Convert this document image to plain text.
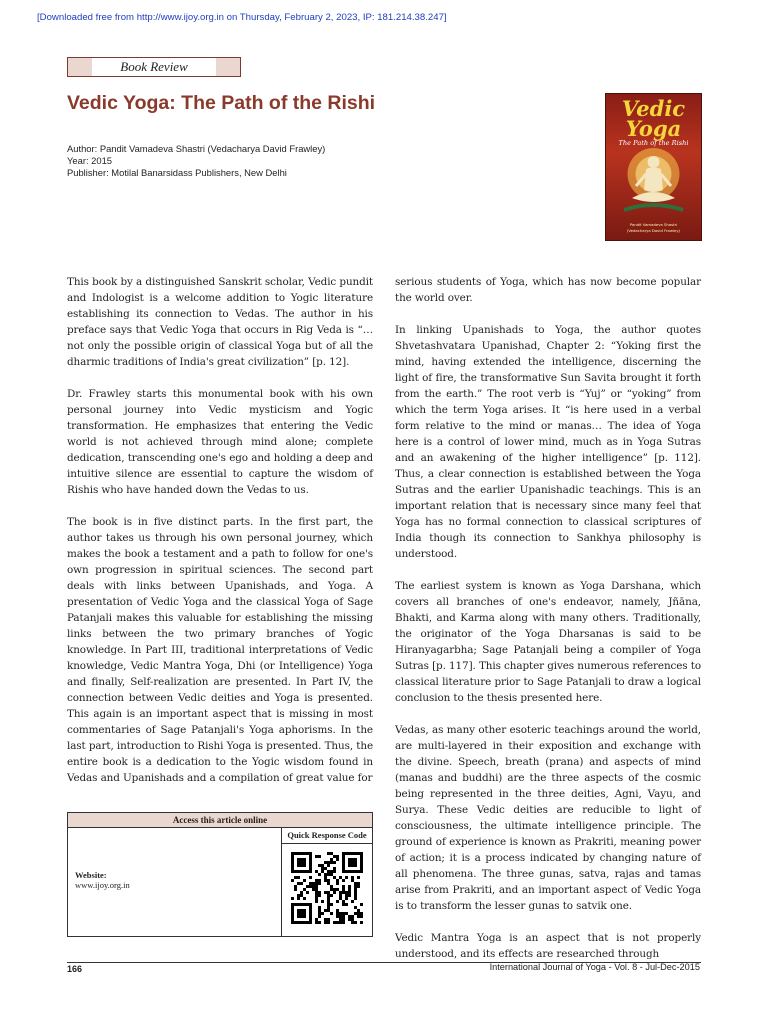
[Downloaded free from http://www.ijoy.org.in on Thursday, February 2, 2023, IP: 181.214.38.247]
Book Review
Vedic Yoga: The Path of the Rishi
Author: Pandit Vamadeva Shastri (Vedacharya David Frawley)
Year: 2015
Publisher: Motilal Banarsidass Publishers, New Delhi
Vedic
Yoga
The Path of the Rishi
Pandit Vamadeva Shastri
(Vedacharya David Frawley)

This book by a distinguished Sanskrit scholar, Vedic pundit and Indologist is a welcome addition to Yogic literature establishing its connection to Vedas. The author in his preface says that Vedic Yoga that occurs in Rig Veda is “…not only the possible origin of classical Yoga but of all the dharmic traditions of India's great civilization” [p. 12].

Dr. Frawley starts this monumental book with his own personal journey into Vedic mysticism and Yogic transformation. He emphasizes that entering the Vedic world is not achieved through mind alone; complete dedication, transcending one's ego and holding a deep and intuitive silence are essential to capture the wisdom of Rishis who have handed down the Vedas to us.

The book is in five distinct parts. In the first part, the author takes us through his own personal journey, which makes the book a testament and a path to follow for one's own progression in spiritual sciences. The second part deals with links between Upanishads, and Yoga. A presentation of Vedic Yoga and the classical Yoga of Sage Patanjali makes this valuable for establishing the missing links between the two primary branches of Yogic knowledge. In Part III, traditional interpretations of Vedic knowledge, Vedic Mantra Yoga, Dhi (or Intelligence) Yoga and finally, Self-realization are presented. In Part IV, the connection between Vedic deities and Yoga is presented. This again is an important aspect that is missing in most commentaries of Sage Patanjali's Yoga aphorisms. In the last part, introduction to Rishi Yoga is presented. Thus, the entire book is a dedication to the Yogic wisdom found in Vedas and Upanishads and a compilation of great value for

serious students of Yoga, which has now become popular the world over.

In linking Upanishads to Yoga, the author quotes Shvetashvatara Upanishad, Chapter 2: “Yoking first the mind, having extended the intelligence, discerning the light of fire, the transformative Sun Savita brought it forth from the earth.” The root verb is “Yuj” or “yoking” from which the term Yoga arises. It “is here used in a verbal form relative to the mind or manas… The idea of Yoga here is a control of lower mind, much as in Yoga Sutras and an awakening of the higher intelligence” [p. 112]. Thus, a clear connection is established between the Yoga Sutras and the earlier Upanishadic teachings. This is an important relation that is necessary since many feel that Yoga has no formal connection to classical scriptures of India though its connection to Sankhya philosophy is understood.

The earliest system is known as Yoga Darshana, which covers all branches of one's endeavor, namely, Jñāna, Bhakti, and Karma along with many others. Traditionally, the originator of the Yoga Dharsanas is said to be Hiranyagarbha; Sage Patanjali being a compiler of Yoga Sutras [p. 117]. This chapter gives numerous references to classical literature prior to Sage Patanjali to draw a logical conclusion to the thesis presented here.

Vedas, as many other esoteric teachings around the world, are multi-layered in their exposition and exchange with the divine. Speech, breath (prana) and aspects of mind (manas and buddhi) are the three aspects of the cosmic being represented in the three deities, Agni, Vayu, and Surya. These Vedic deities are reducible to light of consciousness, the ultimate intelligence principle. The ground of experience is known as Prakriti, meaning power of action; it is a process indicated by changing nature of all phenomena. The three gunas, satva, rajas and tamas arise from Prakriti, and an important aspect of Vedic Yoga is to transform the lesser gunas to satvik one.

Vedic Mantra Yoga is an aspect that is not properly understood, and its effects are researched through

Access this article online
Website:
www.ijoy.org.in
Quick Response Code
166	International Journal of Yoga - Vol. 8 - Jul-Dec-2015
